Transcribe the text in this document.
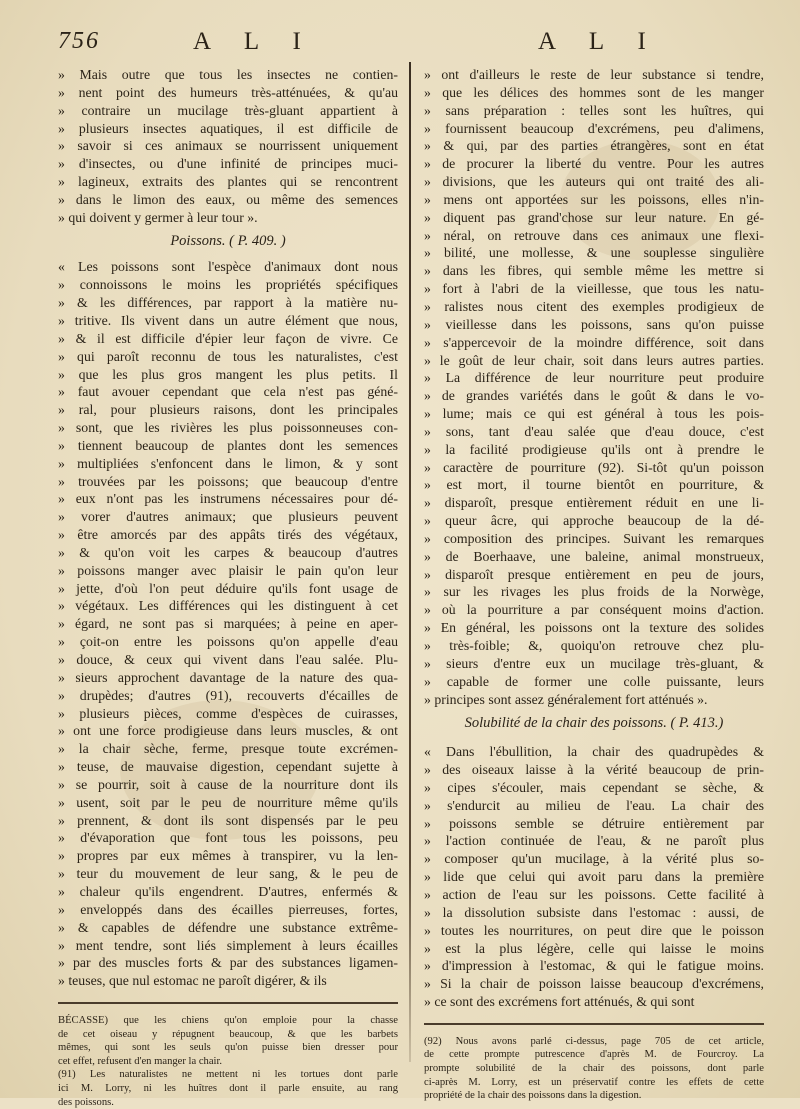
756	A L I	A L I
» Mais outre que tous les insectes ne contien-
» nent point des humeurs très-atténuées, & qu'au
» contraire un mucilage très-gluant appartient à
» plusieurs insectes aquatiques, il est difficile de
» savoir si ces animaux se nourrissent uniquement
» d'insectes, ou d'une infinité de principes muci-
» lagineux, extraits des plantes qui se rencontrent
» dans le limon des eaux, ou même des semences
» qui doivent y germer à leur tour ».
Poissons. ( P. 409. )
« Les poissons sont l'espèce d'animaux dont nous
» connoissons le moins les propriétés spécifiques
» & les différences, par rapport à la matière nu-
» tritive. Ils vivent dans un autre élément que nous,
» & il est difficile d'épier leur façon de vivre. Ce
» qui paroît reconnu de tous les naturalistes, c'est
» que les plus gros mangent les plus petits. Il
» faut avouer cependant que cela n'est pas géné-
» ral, pour plusieurs raisons, dont les principales
» sont, que les rivières les plus poissonneuses con-
» tiennent beaucoup de plantes dont les semences
» multipliées s'enfoncent dans le limon, & y sont
» trouvées par les poissons; que beaucoup d'entre
» eux n'ont pas les instrumens nécessaires pour dé-
» vorer d'autres animaux; que plusieurs peuvent
» être amorcés par des appâts tirés des végétaux,
» & qu'on voit les carpes & beaucoup d'autres
» poissons manger avec plaisir le pain qu'on leur
» jette, d'où l'on peut déduire qu'ils font usage de
» végétaux. Les différences qui les distinguent à cet
» égard, ne sont pas si marquées; à peine en aper-
» çoit-on entre les poissons qu'on appelle d'eau
» douce, & ceux qui vivent dans l'eau salée. Plu-
» sieurs approchent davantage de la nature des qua-
» drupèdes; d'autres (91), recouverts d'écailles de
» plusieurs pièces, comme d'espèces de cuirasses,
» ont une force prodigieuse dans leurs muscles, & ont
» la chair sèche, ferme, presque toute excrémen-
» teuse, de mauvaise digestion, cependant sujette à
» se pourrir, soit à cause de la nourriture dont ils
» usent, soit par le peu de nourriture même qu'ils
» prennent, & dont ils sont dispensés par le peu
» d'évaporation que font tous les poissons, peu
» propres par eux mêmes à transpirer, vu la len-
» teur du mouvement de leur sang, & le peu de
» chaleur qu'ils engendrent. D'autres, enfermés &
» enveloppés dans des écailles pierreuses, fortes,
» & capables de défendre une substance extrême-
» ment tendre, sont liés simplement à leurs écailles
» par des muscles forts & par des substances ligamen-
» teuses, que nul estomac ne paroît digérer, & ils
BÉCASSE) que les chiens qu'on emploie pour la chasse
de cet oiseau y répugnent beaucoup, & que les barbets
mêmes, qui sont les seuls qu'on puisse bien dresser pour
cet effet, refusent d'en manger la chair.
(91) Les naturalistes ne mettent ni les tortues dont parle
ici M. Lorry, ni les huîtres dont il parle ensuite, au rang
des poissons.
» ont d'ailleurs le reste de leur substance si tendre,
» que les délices des hommes sont de les manger
» sans préparation : telles sont les huîtres, qui
» fournissent beaucoup d'excrémens, peu d'alimens,
» & qui, par des parties étrangères, sont en état
» de procurer la liberté du ventre. Pour les autres
» divisions, que les auteurs qui ont traité des ali-
» mens ont apportées sur les poissons, elles n'in-
» diquent pas grand'chose sur leur nature. En gé-
» néral, on retrouve dans ces animaux une flexi-
» bilité, une mollesse, & une souplesse singulière
» dans les fibres, qui semble même les mettre si
» fort à l'abri de la vieillesse, que tous les natu-
» ralistes nous citent des exemples prodigieux de
» vieillesse dans les poissons, sans qu'on puisse
» s'appercevoir de la moindre différence, soit dans
» le goût de leur chair, soit dans leurs autres parties.
» La différence de leur nourriture peut produire
» de grandes variétés dans le goût & dans le vo-
» lume; mais ce qui est général à tous les pois-
» sons, tant d'eau salée que d'eau douce, c'est
» la facilité prodigieuse qu'ils ont à prendre le
» caractère de pourriture (92). Si-tôt qu'un poisson
» est mort, il tourne bientôt en pourriture, &
» disparoît, presque entièrement réduit en une li-
» queur âcre, qui approche beaucoup de la dé-
» composition des principes. Suivant les remarques
» de Boerhaave, une baleine, animal monstrueux,
» disparoît presque entièrement en peu de jours,
» sur les rivages les plus froids de la Norwège,
» où la pourriture a par conséquent moins d'action.
» En général, les poissons ont la texture des solides
» très-foible; &, quoiqu'on retrouve chez plu-
» sieurs d'entre eux un mucilage très-gluant, &
» capable de former une colle puissante, leurs
» principes sont assez généralement fort atténués ».
Solubilité de la chair des poissons. ( P. 413.)
« Dans l'ébullition, la chair des quadrupèdes &
» des oiseaux laisse à la vérité beaucoup de prin-
» cipes s'écouler, mais cependant se sèche, &
» s'endurcit au milieu de l'eau. La chair des
» poissons semble se détruire entièrement par
» l'action continuée de l'eau, & ne paroît plus
» composer qu'un mucilage, à la vérité plus so-
» lide que celui qui avoit paru dans la première
» action de l'eau sur les poissons. Cette facilité à
» la dissolution subsiste dans l'estomac : aussi, de
» toutes les nourritures, on peut dire que le poisson
» est la plus légère, celle qui laisse le moins
» d'impression à l'estomac, & qui le fatigue moins.
» Si la chair de poisson laisse beaucoup d'excrémens,
» ce sont des excrémens fort atténués, & qui sont
(92) Nous avons parlé ci-dessus, page 705 de cet article,
de cette prompte putrescence d'après M. de Fourcroy. La
prompte solubilité de la chair des poissons, dont parle
ci-après M. Lorry, est un préservatif contre les effets de cette
propriété de la chair des poissons dans la digestion.
